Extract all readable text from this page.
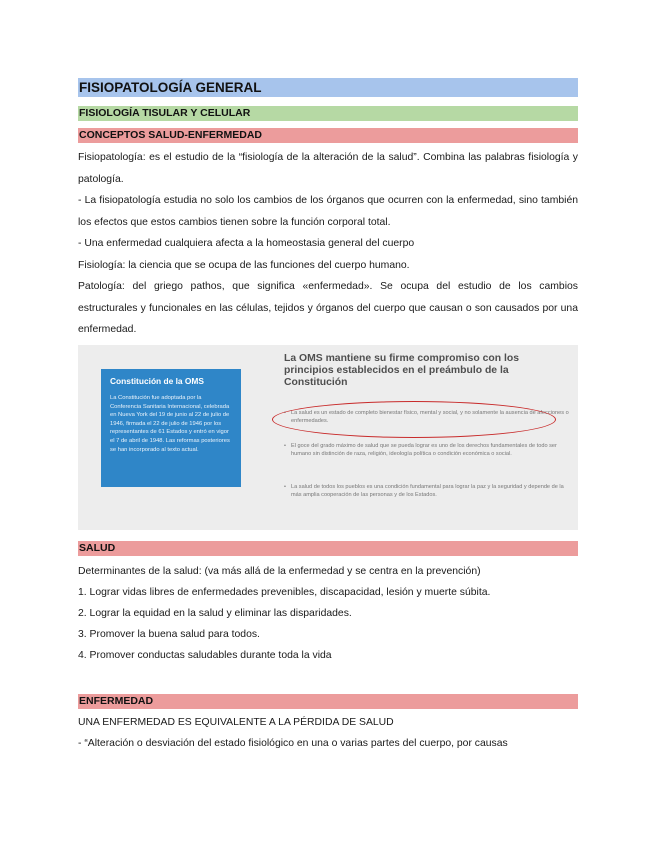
FISIOPATOLOGÍA GENERAL
FISIOLOGÍA TISULAR Y CELULAR
CONCEPTOS SALUD-ENFERMEDAD

Fisiopatología: es el estudio de la “fisiología de la alteración de la salud”. Combina las palabras fisiología y patología.

- La fisiopatología estudia no solo los cambios de los órganos que ocurren con la enfermedad, sino también los efectos que estos cambios tienen sobre la función corporal total.

- Una enfermedad cualquiera afecta a la homeostasia general del cuerpo

Fisiología: la ciencia que se ocupa de las funciones del cuerpo humano.

Patología: del griego pathos, que significa «enfermedad». Se ocupa del estudio de los cambios estructurales y funcionales en las células, tejidos y órganos del cuerpo que causan o son causados por una enfermedad.

SALUD
Determinantes de la salud: (va más allá de la enfermedad y se centra en la prevención)
1. Lograr vidas libres de enfermedades prevenibles, discapacidad, lesión y muerte súbita.
2. Lograr la equidad en la salud y eliminar las disparidades.
3. Promover la buena salud para todos.
4. Promover conductas saludables durante toda la vida
ENFERMEDAD
UNA ENFERMEDAD ES EQUIVALENTE A LA PÉRDIDA DE SALUD
- “Alteración o desviación del estado fisiológico en una o varias partes del cuerpo, por causas
Constitución de la OMS
La Constitución fue adoptada por la Conferencia Sanitaria Internacional, celebrada en Nueva York del 19 de junio al 22 de julio de 1946, firmada el 22 de julio de 1946 por los representantes de 61 Estados y entró en vigor el 7 de abril de 1948. Las reformas posteriores se han incorporado al texto actual.
La OMS mantiene su firme compromiso con los principios establecidos en el preámbulo de la Constitución
• La salud es un estado de completo bienestar físico, mental y social, y no solamente la ausencia de afecciones o enfermedades.
• El goce del grado máximo de salud que se pueda lograr es uno de los derechos fundamentales de todo ser humano sin distinción de raza, religión, ideología política o condición económica o social.
• La salud de todos los pueblos es una condición fundamental para lograr la paz y la seguridad y depende de la más amplia cooperación de las personas y de los Estados.
